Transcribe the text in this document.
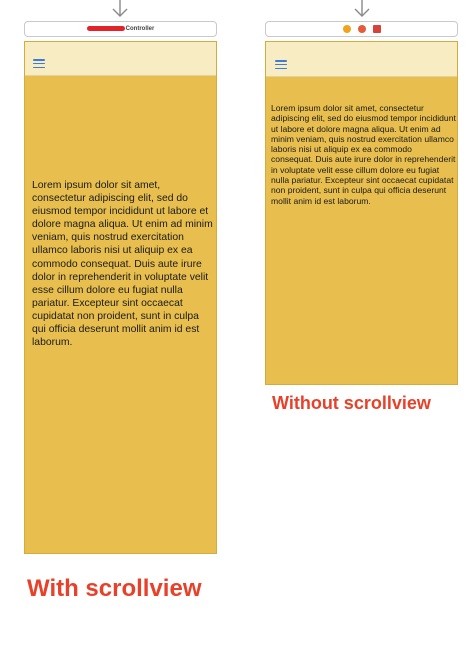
Controller
Lorem ipsum dolor sit amet, consectetur adipiscing elit, sed do eiusmod tempor incididunt ut labore et dolore magna aliqua. Ut enim ad minim veniam, quis nostrud exercitation ullamco laboris nisi ut aliquip ex ea commodo consequat. Duis aute irure dolor in reprehenderit in voluptate velit esse cillum dolore eu fugiat nulla pariatur. Excepteur sint occaecat cupidatat non proident, sunt in culpa qui officia deserunt mollit anim id est laborum.
With scrollview
Lorem ipsum dolor sit amet, consectetur adipiscing elit, sed do eiusmod tempor incididunt ut labore et dolore magna aliqua. Ut enim ad minim veniam, quis nostrud exercitation ullamco laboris nisi ut aliquip ex ea commodo consequat. Duis aute irure dolor in reprehenderit in voluptate velit esse cillum dolore eu fugiat nulla pariatur. Excepteur sint occaecat cupidatat non proident, sunt in culpa qui officia deserunt mollit anim id est laborum.
Without scrollview
